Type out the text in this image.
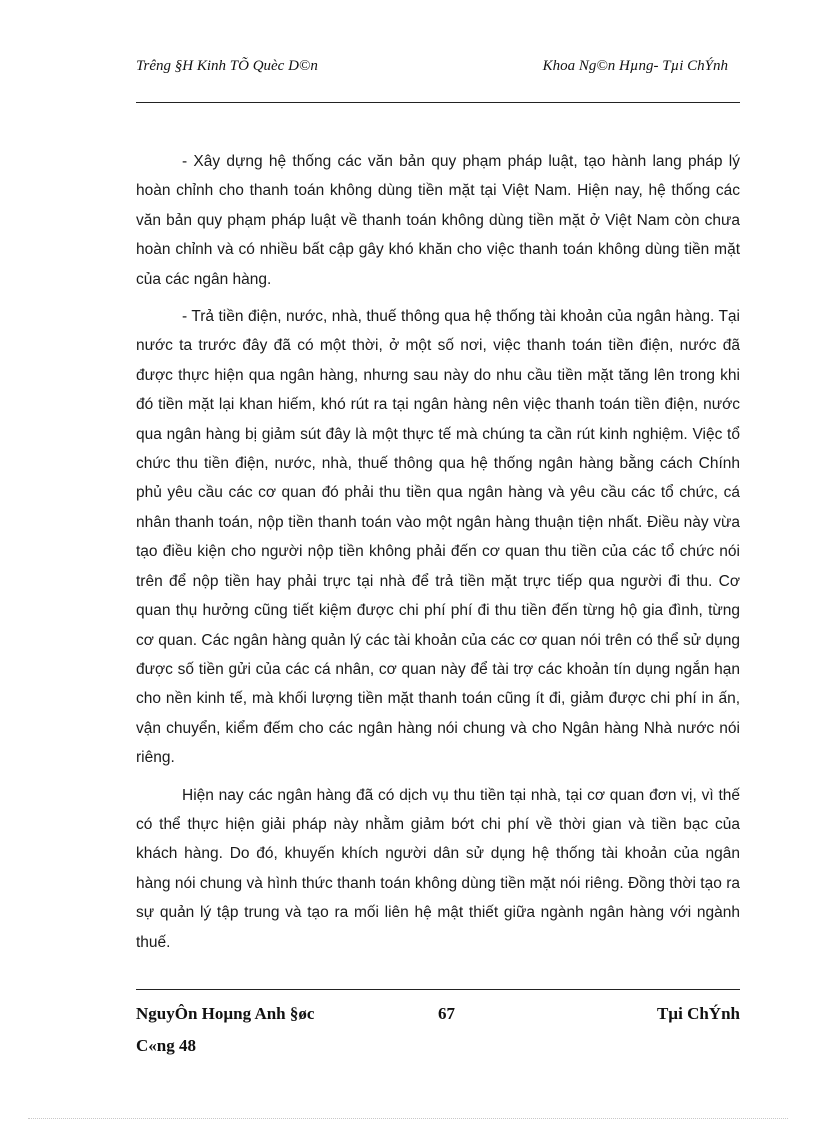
Trêng §H Kinh TÕ Quèc D©n	Khoa Ng©n Hµng- Tµi ChÝnh

- Xây dựng hệ thống các văn bản quy phạm pháp luật, tạo hành lang pháp lý hoàn chỉnh cho thanh toán không dùng tiền mặt tại Việt Nam. Hiện nay, hệ thống các văn bản quy phạm pháp luật về thanh toán không dùng tiền mặt ở Việt Nam còn chưa hoàn chỉnh và có nhiều bất cập gây khó khăn cho việc thanh toán không dùng tiền mặt của các ngân hàng.

- Trả tiền điện, nước, nhà, thuế thông qua hệ thống tài khoản của ngân hàng. Tại nước ta trước đây đã có một thời, ở một số nơi, việc thanh toán tiền điện, nước đã được thực hiện qua ngân hàng, nhưng sau này do nhu cầu tiền mặt tăng lên trong khi đó tiền mặt lại khan hiếm, khó rút ra tại ngân hàng nên việc thanh toán tiền điện, nước qua ngân hàng bị giảm sút đây là một thực tế mà chúng ta cần rút kinh nghiệm. Việc tổ chức thu tiền điện, nước, nhà, thuế thông qua hệ thống ngân hàng bằng cách Chính phủ yêu cầu các cơ quan đó phải thu tiền qua ngân hàng và yêu cầu các tổ chức, cá nhân thanh toán, nộp tiền thanh toán vào một ngân hàng thuận tiện nhất. Điều này vừa tạo điều kiện cho người nộp tiền không phải đến cơ quan thu tiền của các tổ chức nói trên để nộp tiền hay phải trực tại nhà để trả tiền mặt trực tiếp qua người đi thu. Cơ quan thụ hưởng cũng tiết kiệm được chi phí phí đi thu tiền đến từng hộ gia đình, từng cơ quan. Các ngân hàng quản lý các tài khoản của các cơ quan nói trên có thể sử dụng được số tiền gửi của các cá nhân, cơ quan này để tài trợ các khoản tín dụng ngắn hạn cho nền kinh tế, mà khối lượng tiền mặt thanh toán cũng ít đi, giảm được chi phí in ấn, vận chuyển, kiểm đếm cho các ngân hàng nói chung và cho Ngân hàng Nhà nước nói riêng.

Hiện nay các ngân hàng đã có dịch vụ thu tiền tại nhà, tại cơ quan đơn vị, vì thế có thể thực hiện giải pháp này nhằm giảm bớt chi phí về thời gian và tiền bạc của khách hàng. Do đó, khuyến khích người dân sử dụng hệ thống tài khoản của ngân hàng nói chung và hình thức thanh toán không dùng tiền mặt nói riêng. Đồng thời tạo ra sự quản lý tập trung và tạo ra mối liên hệ mật thiết giữa ngành ngân hàng với ngành thuế.

NguyÔn Hoµng Anh §øc	67	Tµi ChÝnh
C«ng 48
